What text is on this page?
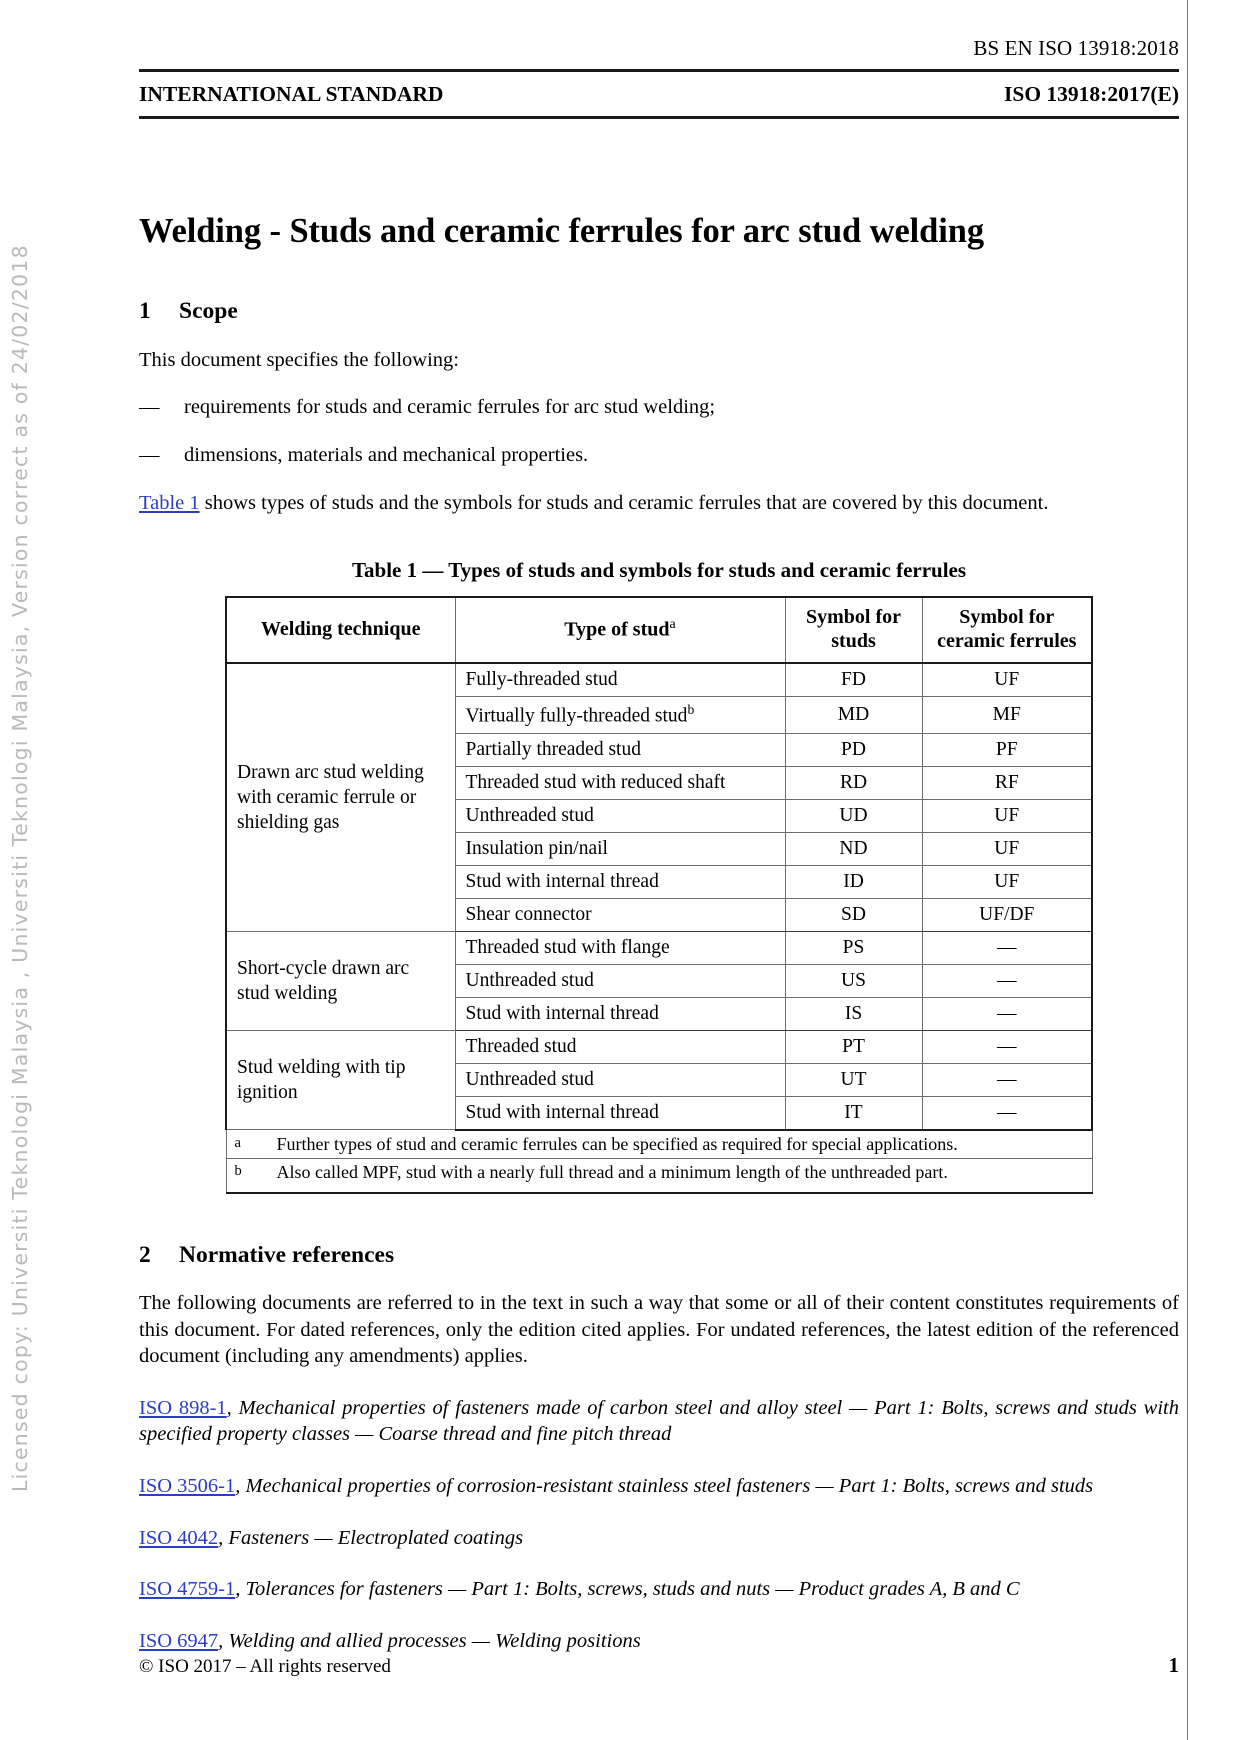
Licensed copy: Universiti Teknologi Malaysia , Universiti Teknologi Malaysia, Version correct as of 24/02/2018
BS EN ISO 13918:2018
INTERNATIONAL STANDARD	ISO 13918:2017(E)
Welding - Studs and ceramic ferrules for arc stud welding
1	Scope

This document specifies the following:

—	requirements for studs and ceramic ferrules for arc stud welding;
—	dimensions, materials and mechanical properties.

Table 1 shows types of studs and the symbols for studs and ceramic ferrules that are covered by this document.

Table 1 — Types of studs and symbols for studs and ceramic ferrules
Welding technique	Type of stud$^a$	Symbol for studs	Symbol for ceramic ferrules
Drawn arc stud welding with ceramic ferrule or shielding gas	Fully-threaded stud	FD	UF
	Virtually fully-threaded stud$^b$	MD	MF
	Partially threaded stud	PD	PF
	Threaded stud with reduced shaft	RD	RF
	Unthreaded stud	UD	UF
	Insulation pin/nail	ND	UF
	Stud with internal thread	ID	UF
	Shear connector	SD	UF/DF
Short-cycle drawn arc stud welding	Threaded stud with flange	PS	—
	Unthreaded stud	US	—
	Stud with internal thread	IS	—
Stud welding with tip ignition	Threaded stud	PT	—
	Unthreaded stud	UT	—
	Stud with internal thread	IT	—

a Further types of stud and ceramic ferrules can be specified as required for special applications.			

b Also called MPF, stud with a nearly full thread and a minimum length of the unthreaded part.			
2	Normative references

The following documents are referred to in the text in such a way that some or all of their content constitutes requirements of this document. For dated references, only the edition cited applies. For undated references, the latest edition of the referenced document (including any amendments) applies.

ISO 898-1, Mechanical properties of fasteners made of carbon steel and alloy steel — Part 1: Bolts, screws and studs with specified property classes — Coarse thread and fine pitch thread

ISO 3506-1, Mechanical properties of corrosion-resistant stainless steel fasteners — Part 1: Bolts, screws and studs

ISO 4042, Fasteners — Electroplated coatings

ISO 4759-1, Tolerances for fasteners — Part 1: Bolts, screws, studs and nuts — Product grades A, B and C

ISO 6947, Welding and allied processes — Welding positions

© ISO 2017 – All rights reserved	1
